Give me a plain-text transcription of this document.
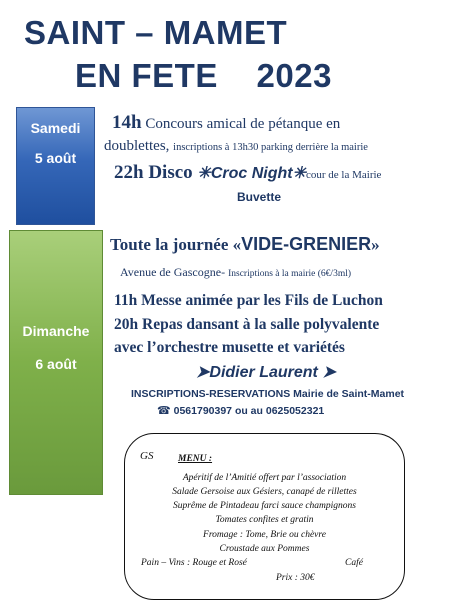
SAINT – MAMET
EN FETE    2023
Samedi
5 août
14h Concours amical de pétanque en
doublettes, inscriptions à 13h30 parking derrière la mairie
22h Disco ✳Croc Night✳cour de la Mairie
Buvette
Dimanche
6 août
Toute la journée «VIDE-GRENIER»
Avenue de Gascogne- Inscriptions à la mairie (6€/3ml)
11h Messe animée par les Fils de Luchon
20h Repas dansant à la salle polyvalente
avec l’orchestre musette et variétés
➤Didier Laurent ➤
INSCRIPTIONS-RESERVATIONS Mairie de Saint-Mamet
☎ 0561790397 ou au 0625052321
GS	MENU :
Apéritif de l’Amitié offert par l’association
Salade Gersoise aux Gésiers, canapé de rillettes
Suprême de Pintadeau farci sauce champignons
Tomates confites et gratin
Fromage : Tome, Brie ou chèvre
Croustade aux Pommes
Pain – Vins : Rouge et Rosé	Café
Prix : 30€
